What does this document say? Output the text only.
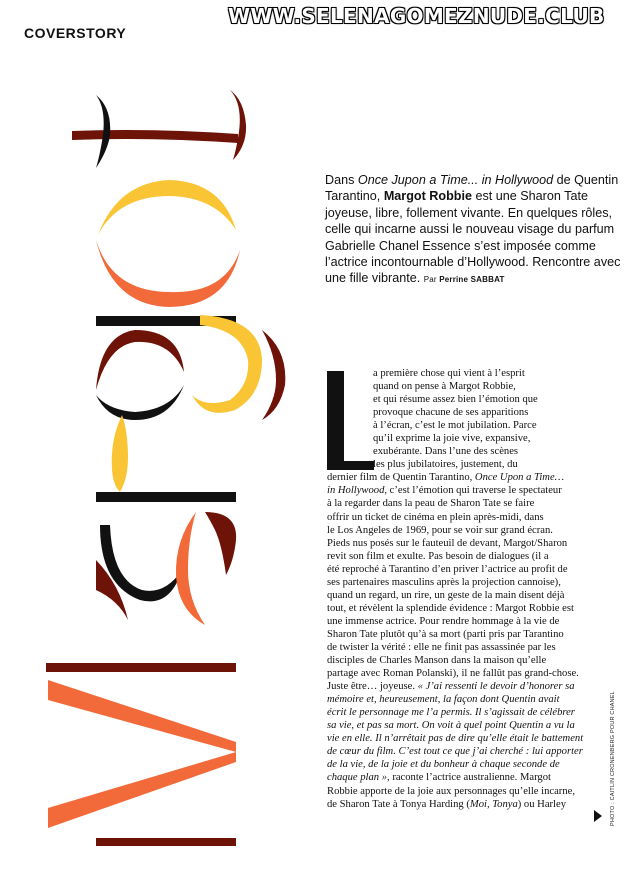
WWW.SELENAGOMEZNUDE.CLUB
COVERSTORY
Dans Once Jupon a Time... in Hollywood de Quentin Tarantino, Margot Robbie est une Sharon Tate joyeuse, libre, follement vivante. En quelques rôles, celle qui incarne aussi le nouveau visage du parfum Gabrielle Chanel Essence s’est imposée comme l’actrice incontournable d’Hollywood. Rencontre avec une fille vibrante. Par Perrine SABBAT
a première chose qui vient à l’esprit
quand on pense à Margot Robbie,
et qui résume assez bien l’émotion que
provoque chacune de ses apparitions
à l’écran, c’est le mot jubilation. Parce
qu’il exprime la joie vive, expansive,
exubérante. Dans l’une des scènes
les plus jubilatoires, justement, du
dernier film de Quentin Tarantino, Once Upon a Time…
in Hollywood, c’est l’émotion qui traverse le spectateur
à la regarder dans la peau de Sharon Tate se faire
offrir un ticket de cinéma en plein après-midi, dans
le Los Angeles de 1969, pour se voir sur grand écran.
Pieds nus posés sur le fauteuil de devant, Margot/Sharon
revit son film et exulte. Pas besoin de dialogues (il a
été reproché à Tarantino d’en priver l’actrice au profit de
ses partenaires masculins après la projection cannoise),
quand un regard, un rire, un geste de la main disent déjà
tout, et révèlent la splendide évidence : Margot Robbie est
une immense actrice. Pour rendre hommage à la vie de
Sharon Tate plutôt qu’à sa mort (parti pris par Tarantino
de twister la vérité : elle ne finit pas assassinée par les
disciples de Charles Manson dans la maison qu’elle
partage avec Roman Polanski), il ne fallût pas grand-chose.
Juste être… joyeuse. « J’ai ressenti le devoir d’honorer sa
mémoire et, heureusement, la façon dont Quentin avait
écrit le personnage me l’a permis. Il s’agissait de célébrer
sa vie, et pas sa mort. On voit à quel point Quentin a vu la
vie en elle. Il n’arrêtait pas de dire qu’elle était le battement
de cœur du film. C’est tout ce que j’ai cherché : lui apporter
de la vie, de la joie et du bonheur à chaque seconde de
chaque plan », raconte l’actrice australienne. Margot
Robbie apporte de la joie aux personnages qu’elle incarne,
de Sharon Tate à Tonya Harding (Moi, Tonya) ou Harley	PHOTO : CAITLIN CRONENBERG POUR CHANEL
